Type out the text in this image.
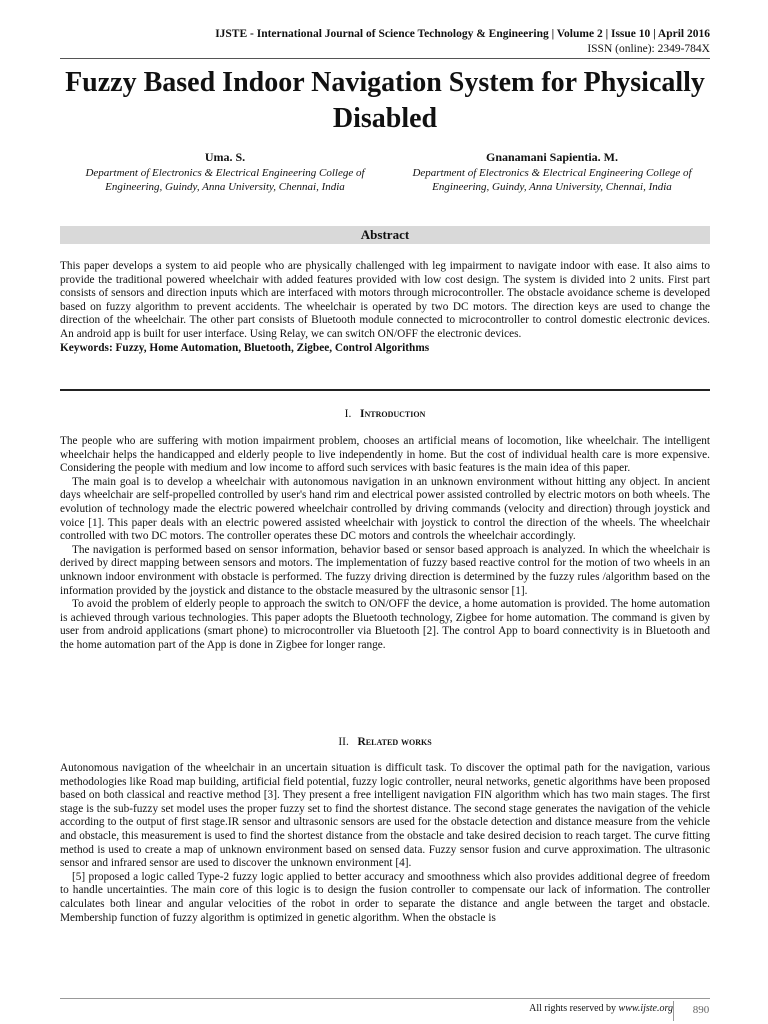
IJSTE - International Journal of Science Technology & Engineering | Volume 2 | Issue 10 | April 2016
ISSN (online): 2349-784X
Fuzzy Based Indoor Navigation System for Physically Disabled
Uma. S.
Department of Electronics & Electrical Engineering College of Engineering, Guindy, Anna University, Chennai, India
Gnanamani Sapientia. M.
Department of Electronics & Electrical Engineering College of Engineering, Guindy, Anna University, Chennai, India
Abstract

This paper develops a system to aid people who are physically challenged with leg impairment to navigate indoor with ease. It also aims to provide the traditional powered wheelchair with added features provided with low cost design. The system is divided into 2 units. First part consists of sensors and direction inputs which are interfaced with motors through microcontroller. The obstacle avoidance scheme is developed based on fuzzy algorithm to prevent accidents. The wheelchair is operated by two DC motors. The direction keys are used to change the direction of the wheelchair. The other part consists of Bluetooth module connected to microcontroller to control domestic electronic devices. An android app is built for user interface. Using Relay, we can switch ON/OFF the electronic devices.

Keywords: Fuzzy, Home Automation, Bluetooth, Zigbee, Control Algorithms

I. Introduction

The people who are suffering with motion impairment problem, chooses an artificial means of locomotion, like wheelchair. The intelligent wheelchair helps the handicapped and elderly people to live independently in home. But the cost of individual health care is more expensive. Considering the people with medium and low income to afford such services with basic features is the main idea of this paper.

The main goal is to develop a wheelchair with autonomous navigation in an unknown environment without hitting any object. In ancient days wheelchair are self-propelled controlled by user's hand rim and electrical power assisted controlled by electric motors on both wheels. The evolution of technology made the electric powered wheelchair controlled by driving commands (velocity and direction) through joystick and voice [1]. This paper deals with an electric powered assisted wheelchair with joystick to control the direction of the wheels. The wheelchair controlled with two DC motors. The controller operates these DC motors and controls the wheelchair accordingly.

The navigation is performed based on sensor information, behavior based or sensor based approach is analyzed. In which the wheelchair is derived by direct mapping between sensors and motors. The implementation of fuzzy based reactive control for the motion of two wheels in an unknown indoor environment with obstacle is performed. The fuzzy driving direction is determined by the fuzzy rules /algorithm based on the information provided by the joystick and distance to the obstacle measured by the ultrasonic sensor [1].

To avoid the problem of elderly people to approach the switch to ON/OFF the device, a home automation is provided. The home automation is achieved through various technologies. This paper adopts the Bluetooth technology, Zigbee for home automation. The command is given by user from android applications (smart phone) to microcontroller via Bluetooth [2]. The control App to board connectivity is in Bluetooth and the home automation part of the App is done in Zigbee for longer range.

II. Related works

Autonomous navigation of the wheelchair in an uncertain situation is difficult task. To discover the optimal path for the navigation, various methodologies like Road map building, artificial field potential, fuzzy logic controller, neural networks, genetic algorithms have been proposed based on both classical and reactive method [3]. They present a free intelligent navigation FIN algorithm which has two main stages. The first stage is the sub-fuzzy set model uses the proper fuzzy set to find the shortest distance. The second stage generates the navigation of the vehicle according to the output of first stage.IR sensor and ultrasonic sensors are used for the obstacle detection and distance measure from the vehicle and obstacle, this measurement is used to find the shortest distance from the obstacle and take desired decision to reach target. The curve fitting method is used to create a map of unknown environment based on sensed data. Fuzzy sensor fusion and curve approximation. The ultrasonic sensor and infrared sensor are used to discover the unknown environment [4].

[5] proposed a logic called Type-2 fuzzy logic applied to better accuracy and smoothness which also provides additional degree of freedom to handle uncertainties. The main core of this logic is to design the fusion controller to compensate our lack of information. The controller calculates both linear and angular velocities of the robot in order to separate the distance and angle between the target and obstacle. Membership function of fuzzy algorithm is optimized in genetic algorithm. When the obstacle is

All rights reserved by www.ijste.org	890
